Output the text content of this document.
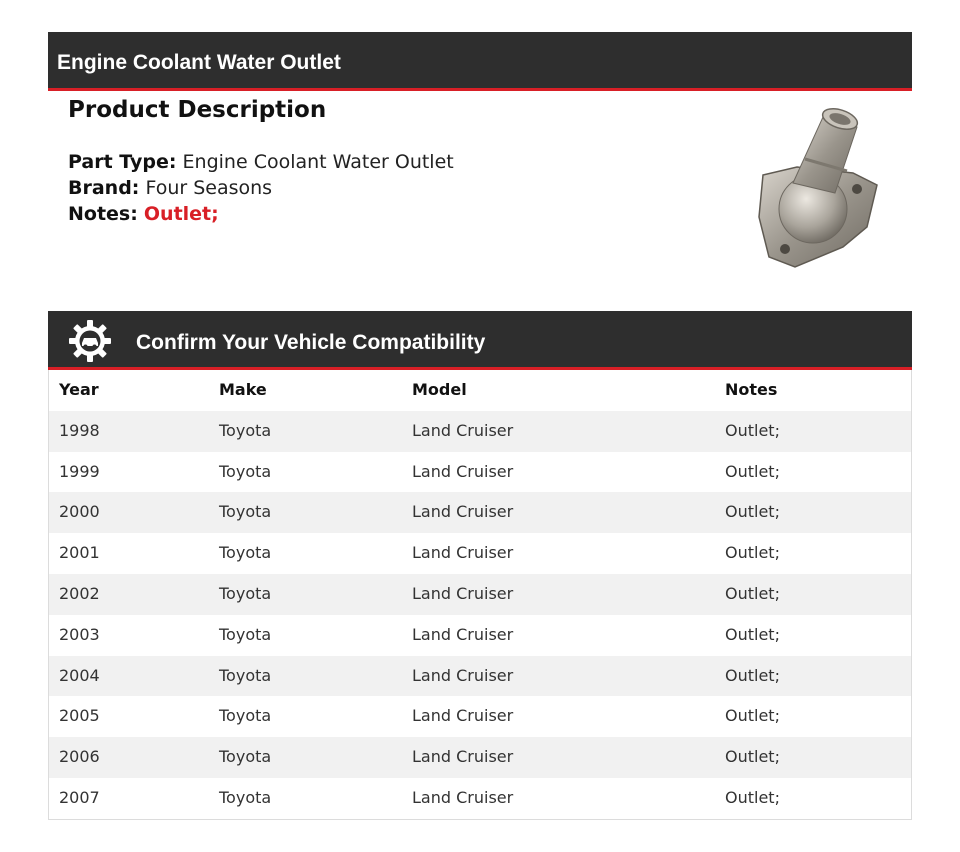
Engine Coolant Water Outlet
Product Description
Part Type: Engine Coolant Water Outlet
Brand: Four Seasons
Notes: Outlet;
Confirm Your Vehicle Compatibility
Year	Make	Model	Notes
1998	Toyota	Land Cruiser	Outlet;
1999	Toyota	Land Cruiser	Outlet;
2000	Toyota	Land Cruiser	Outlet;
2001	Toyota	Land Cruiser	Outlet;
2002	Toyota	Land Cruiser	Outlet;
2003	Toyota	Land Cruiser	Outlet;
2004	Toyota	Land Cruiser	Outlet;
2005	Toyota	Land Cruiser	Outlet;
2006	Toyota	Land Cruiser	Outlet;
2007	Toyota	Land Cruiser	Outlet;
